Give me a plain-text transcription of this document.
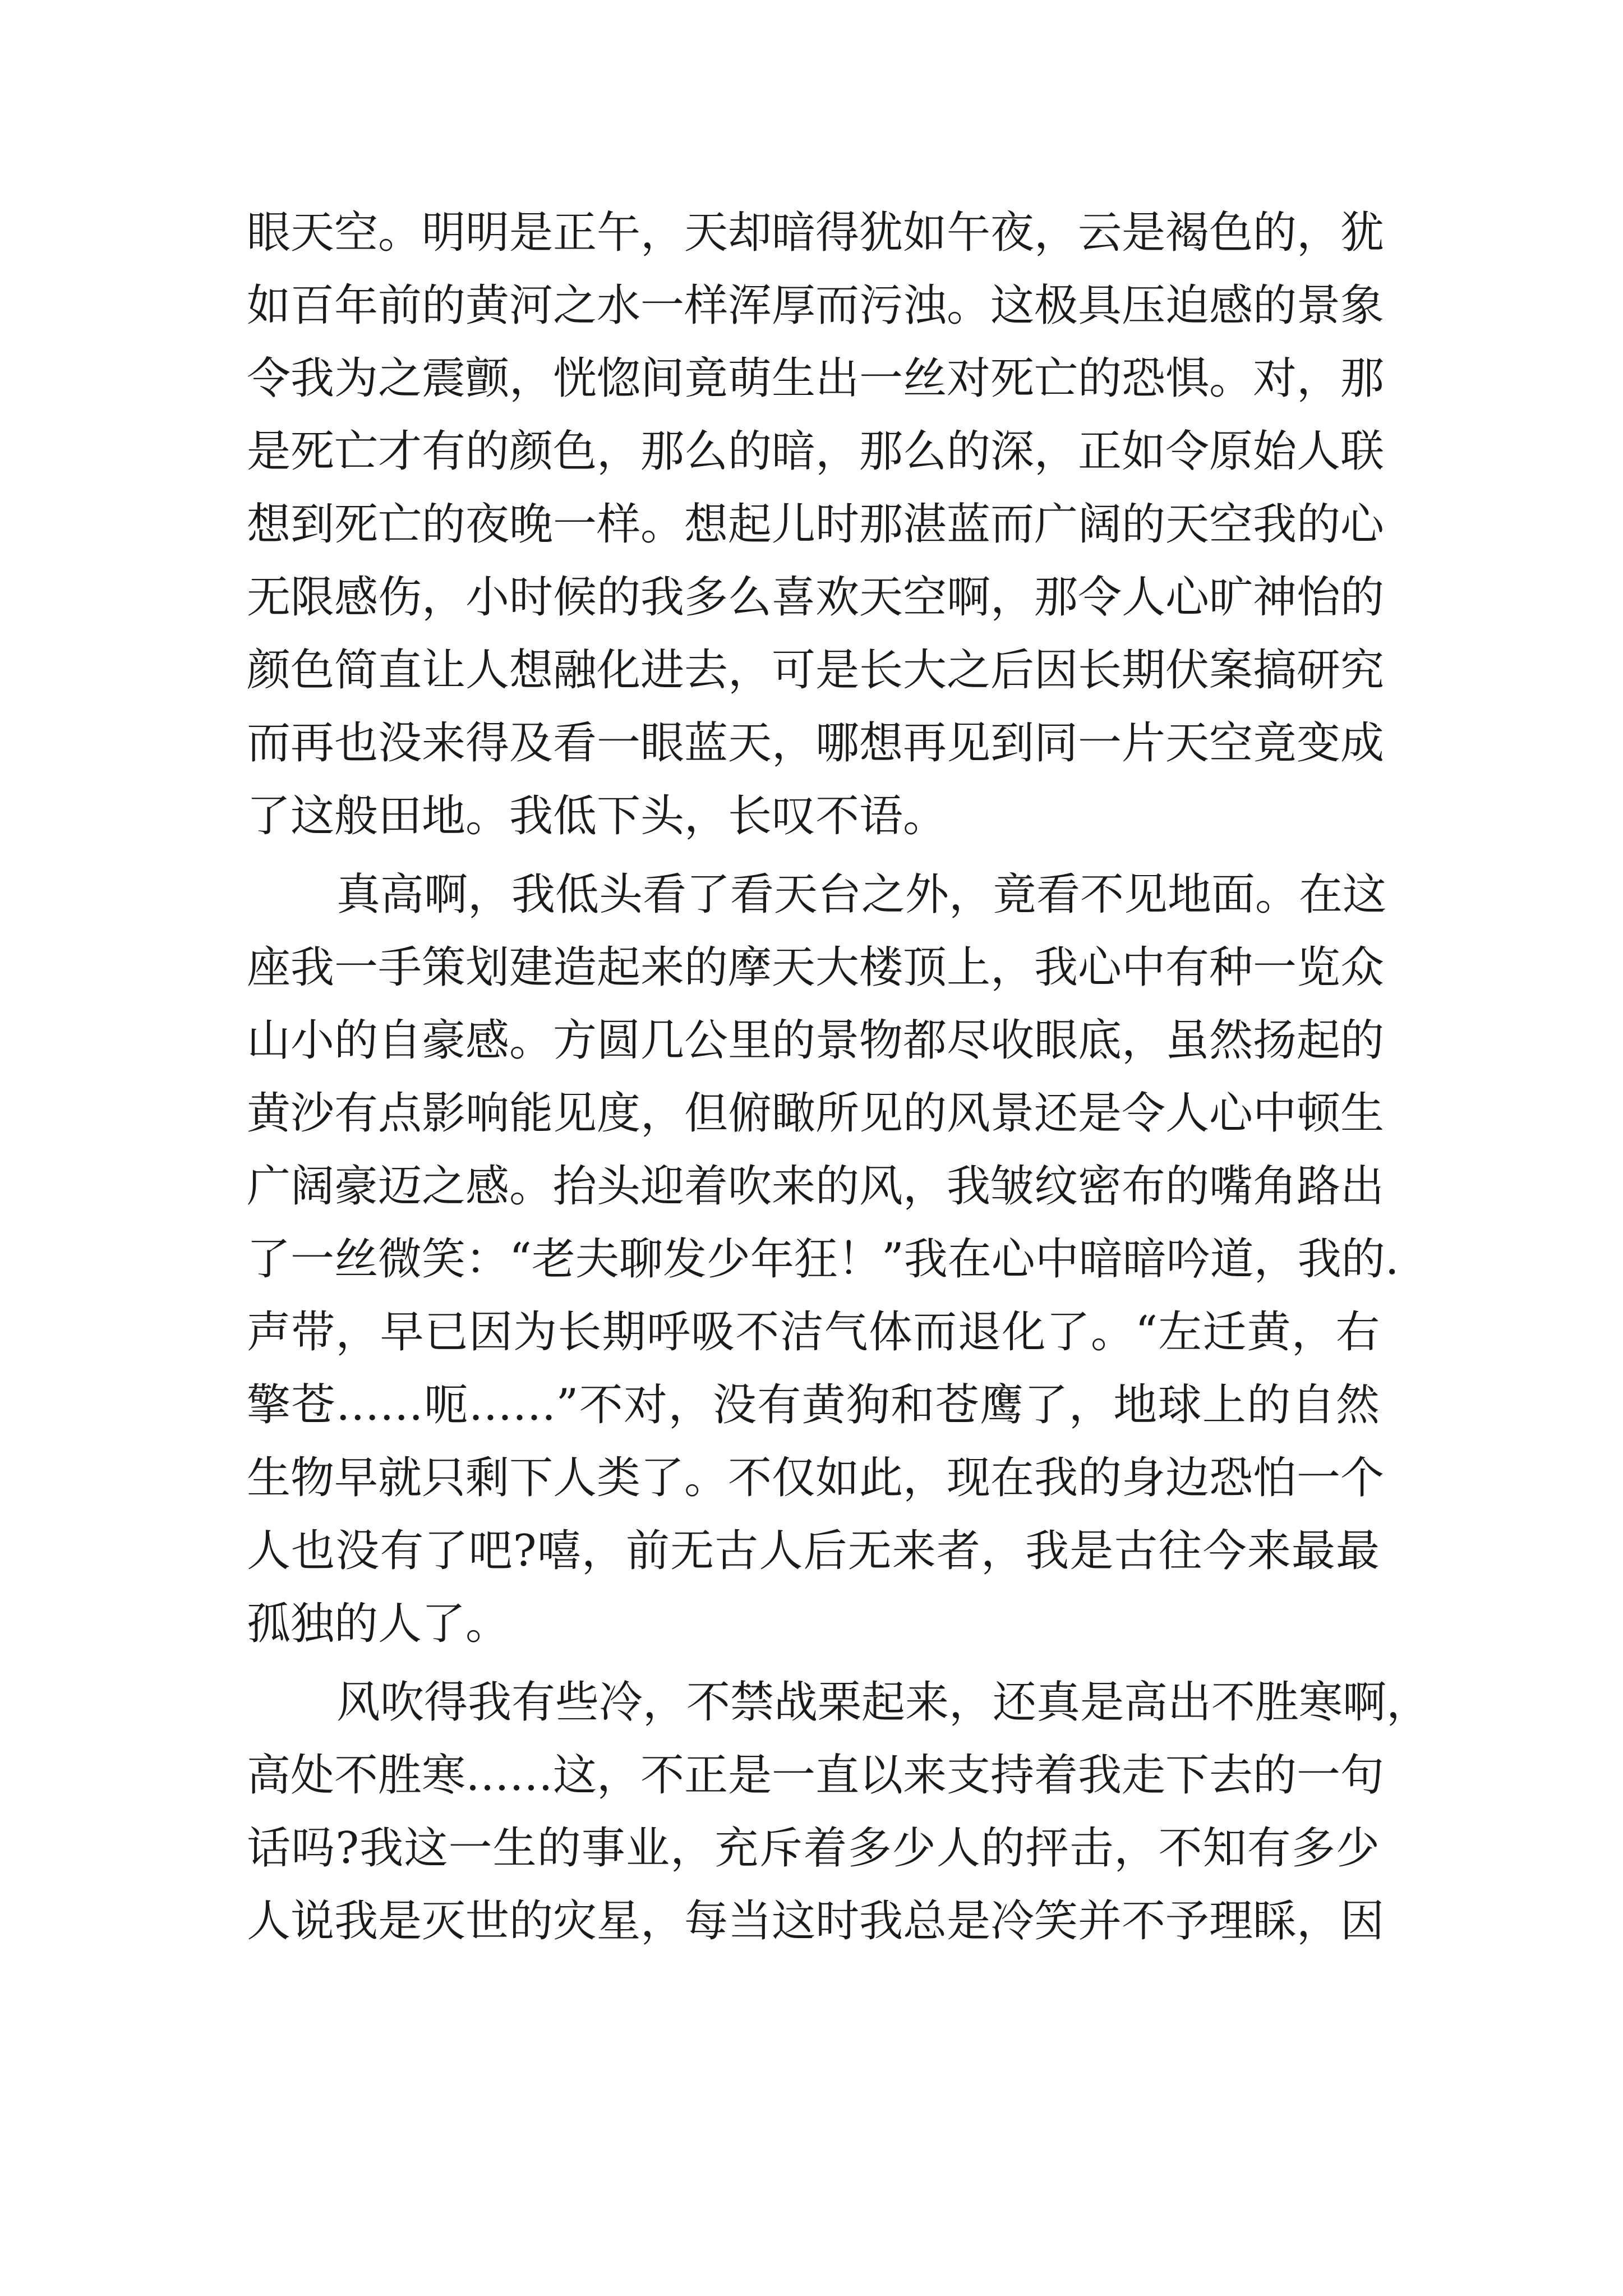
眼天空。明明是正午，天却暗得犹如午夜，云是褐色的，犹
如百年前的黄河之水一样浑厚而污浊。这极具压迫感的景象
令我为之震颤，恍惚间竟萌生出一丝对死亡的恐惧。对，那
是死亡才有的颜色，那么的暗，那么的深，正如令原始人联
想到死亡的夜晚一样。想起儿时那湛蓝而广阔的天空我的心
无限感伤，小时候的我多么喜欢天空啊，那令人心旷神怡的
颜色简直让人想融化进去，可是长大之后因长期伏案搞研究
而再也没来得及看一眼蓝天，哪想再见到同一片天空竟变成
了这般田地。我低下头，长叹不语。
真高啊，我低头看了看天台之外，竟看不见地面。在这
座我一手策划建造起来的摩天大楼顶上，我心中有种一览众
山小的自豪感。方圆几公里的景物都尽收眼底，虽然扬起的
黄沙有点影响能见度，但俯瞰所见的风景还是令人心中顿生
广阔豪迈之感。抬头迎着吹来的风，我皱纹密布的嘴角路出
了一丝微笑：“老夫聊发少年狂！”我在心中暗暗吟道，我的.
声带，早已因为长期呼吸不洁气体而退化了。“左迁黄，右
擎苍……呃……”不对，没有黄狗和苍鹰了，地球上的自然
生物早就只剩下人类了。不仅如此，现在我的身边恐怕一个
人也没有了吧?嘻，前无古人后无来者，我是古往今来最最
孤独的人了。
风吹得我有些冷，不禁战栗起来，还真是高出不胜寒啊，
高处不胜寒……这，不正是一直以来支持着我走下去的一句
话吗?我这一生的事业，充斥着多少人的抨击，不知有多少
人说我是灭世的灾星，每当这时我总是冷笑并不予理睬，因
